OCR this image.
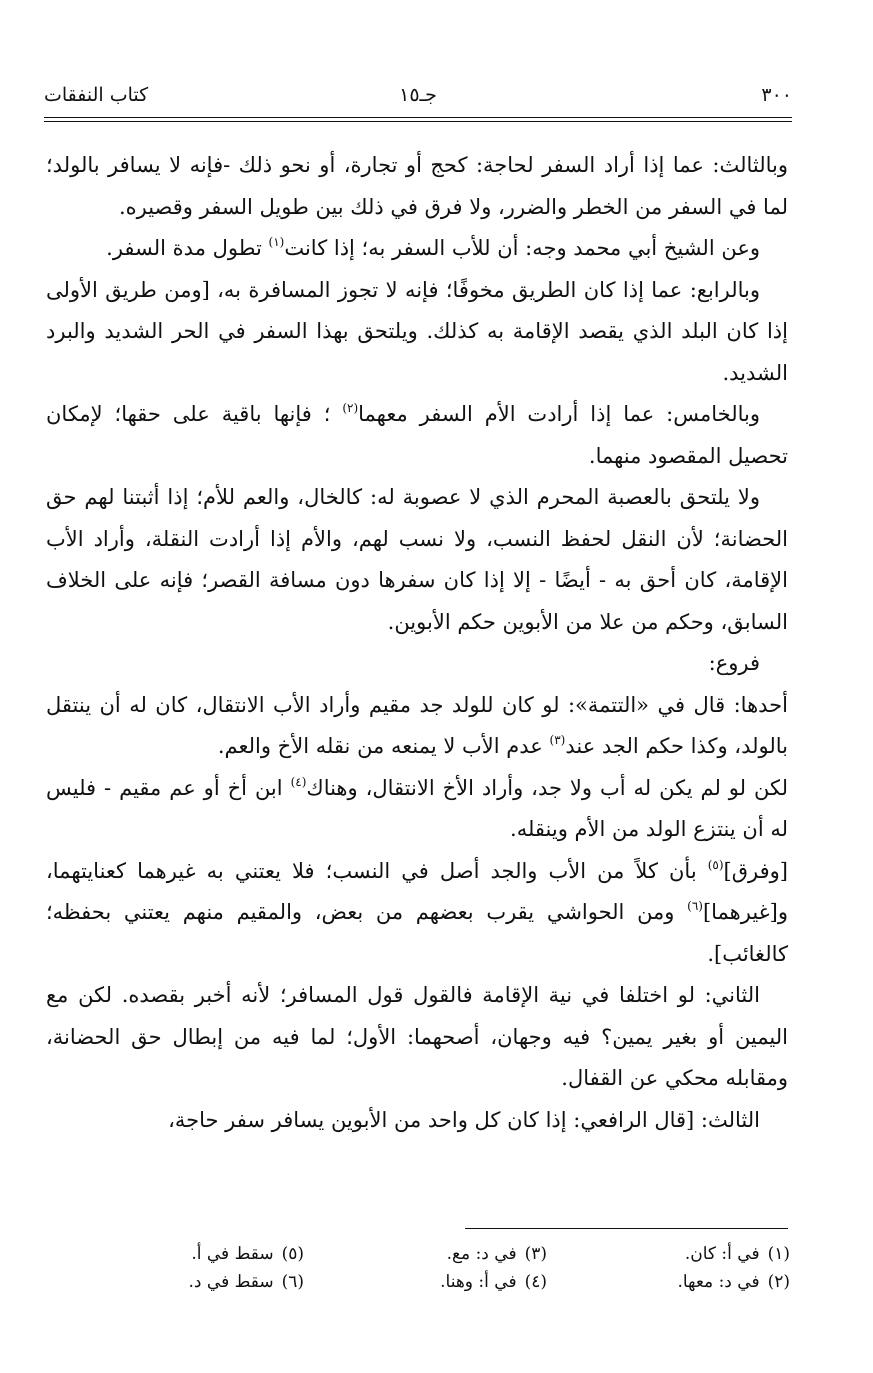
٣٠٠
جـ١٥
كتاب النفقات

وبالثالث: عما إذا أراد السفر لحاجة: كحج أو تجارة، أو نحو ذلك -فإنه لا يسافر بالولد؛ لما في السفر من الخطر والضرر، ولا فرق في ذلك بين طويل السفر وقصيره.

وعن الشيخ أبي محمد وجه: أن للأب السفر به؛ إذا كانت$^{(١)}$ تطول مدة السفر.

وبالرابع: عما إذا كان الطريق مخوفًا؛ فإنه لا تجوز المسافرة به، [ومن طريق الأولى إذا كان البلد الذي يقصد الإقامة به كذلك. ويلتحق بهذا السفر في الحر الشديد والبرد الشديد.

وبالخامس: عما إذا أرادت الأم السفر معهما$^{(٢)}$ ؛ فإنها باقية على حقها؛ لإمكان تحصيل المقصود منهما.

ولا يلتحق بالعصبة المحرم الذي لا عصوبة له: كالخال، والعم للأم؛ إذا أثبتنا لهم حق الحضانة؛ لأن النقل لحفظ النسب، ولا نسب لهم، والأم إذا أرادت النقلة، وأراد الأب الإقامة، كان أحق به - أيضًا - إلا إذا كان سفرها دون مسافة القصر؛ فإنه على الخلاف السابق، وحكم من علا من الأبوين حكم الأبوين.

فروع:

أحدها: قال في «التتمة»: لو كان للولد جد مقيم وأراد الأب الانتقال، كان له أن ينتقل بالولد، وكذا حكم الجد عند$^{(٣)}$ عدم الأب لا يمنعه من نقله الأخ والعم.

لكن لو لم يكن له أب ولا جد، وأراد الأخ الانتقال، وهناك$^{(٤)}$ ابن أخ أو عم مقيم - فليس له أن ينتزع الولد من الأم وينقله.

[وفرق]$^{(٥)}$ بأن كلاً من الأب والجد أصل في النسب؛ فلا يعتني به غيرهما كعنايتهما، و[غيرهما]$^{(٦)}$ ومن الحواشي يقرب بعضهم من بعض، والمقيم منهم يعتني بحفظه؛ كالغائب].

الثاني: لو اختلفا في نية الإقامة فالقول قول المسافر؛ لأنه أخبر بقصده. لكن مع اليمين أو بغير يمين؟ فيه وجهان، أصحهما: الأول؛ لما فيه من إبطال حق الحضانة، ومقابله محكي عن القفال.

الثالث: [قال الرافعي: إذا كان كل واحد من الأبوين يسافر سفر حاجة،

(١)في أ: كان.
(٣)في د: مع.
(٥)سقط في أ.
(٢)في د: معها.
(٤)في أ: وهنا.
(٦)سقط في د.
